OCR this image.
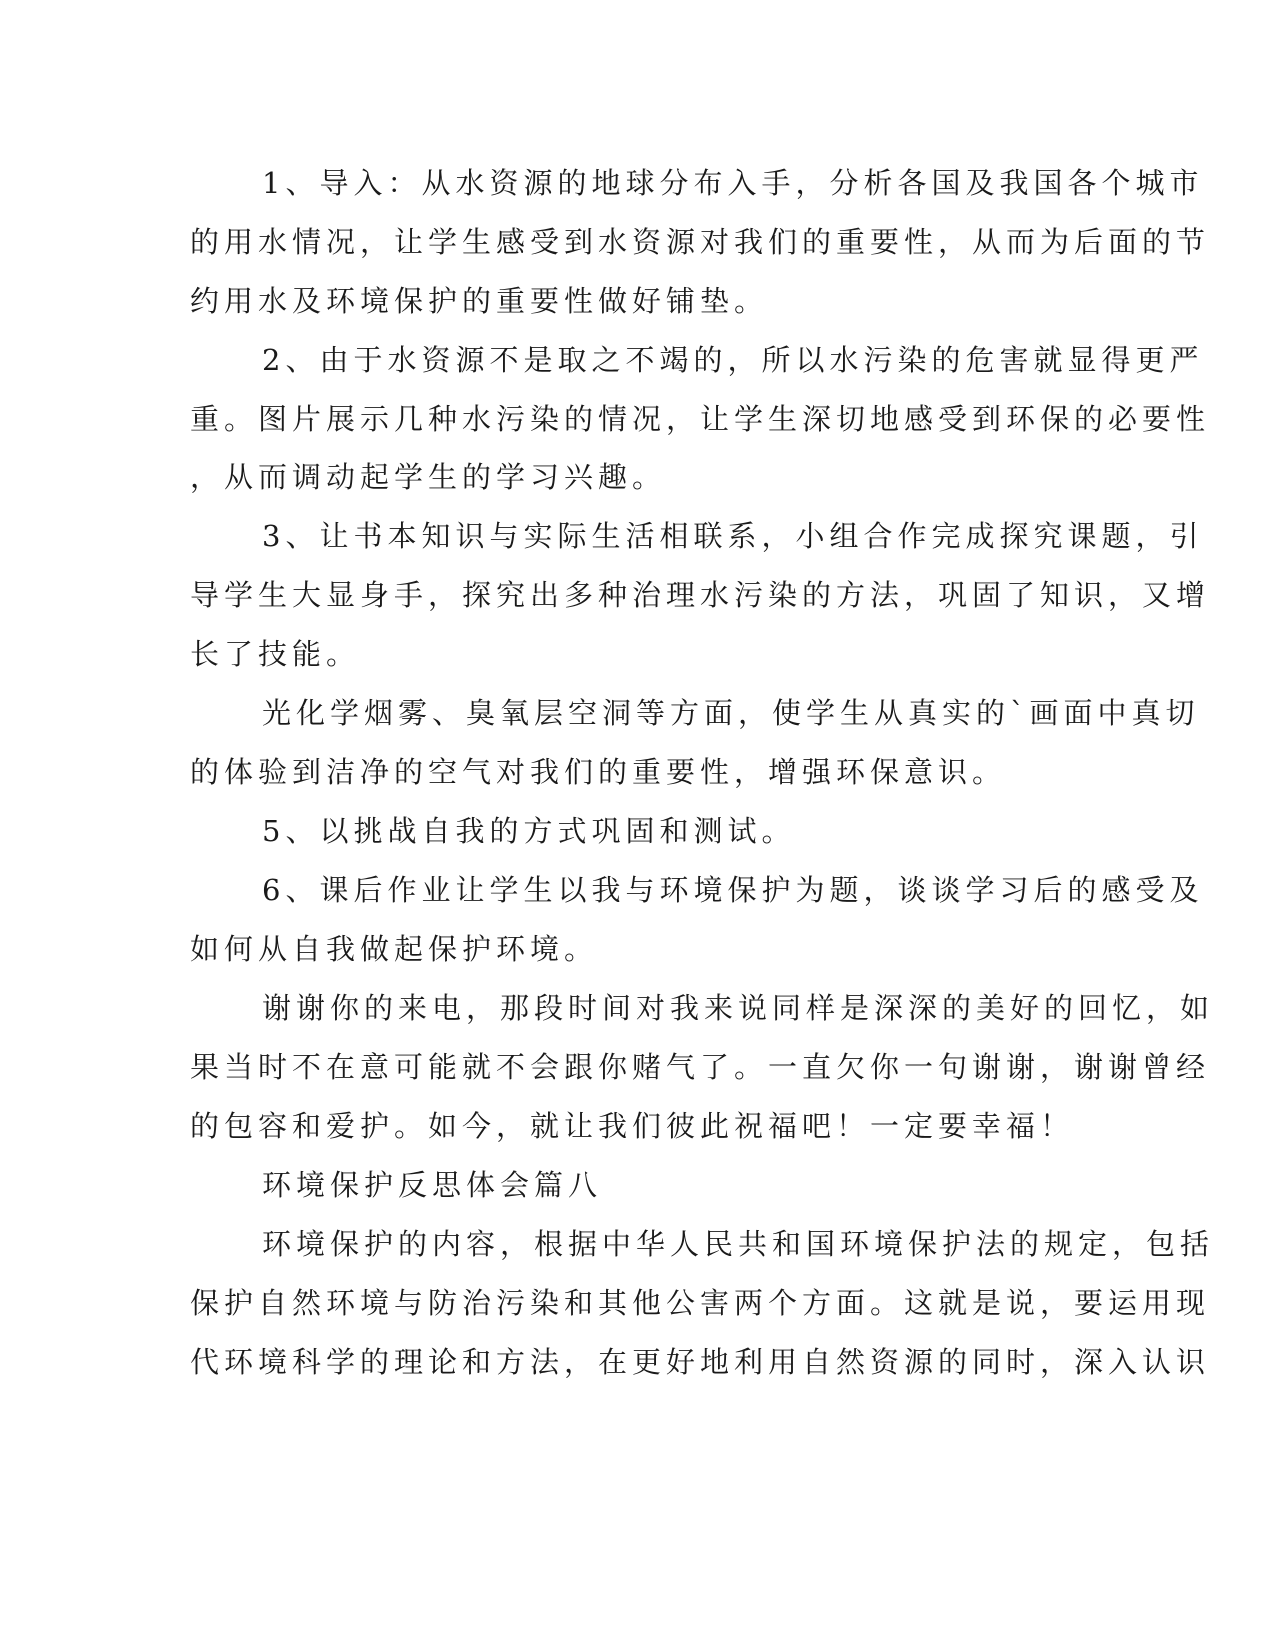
1、导入：从水资源的地球分布入手，分析各国及我国各个城市
的用水情况，让学生感受到水资源对我们的重要性，从而为后面的节
约用水及环境保护的重要性做好铺垫。
2、由于水资源不是取之不竭的，所以水污染的危害就显得更严
重。图片展示几种水污染的情况，让学生深切地感受到环保的必要性
，从而调动起学生的学习兴趣。
3、让书本知识与实际生活相联系，小组合作完成探究课题，引
导学生大显身手，探究出多种治理水污染的方法，巩固了知识，又增
长了技能。
光化学烟雾、臭氧层空洞等方面，使学生从真实的`画面中真切
的体验到洁净的空气对我们的重要性，增强环保意识。
5、以挑战自我的方式巩固和测试。
6、课后作业让学生以我与环境保护为题，谈谈学习后的感受及
如何从自我做起保护环境。
谢谢你的来电，那段时间对我来说同样是深深的美好的回忆，如
果当时不在意可能就不会跟你赌气了。一直欠你一句谢谢，谢谢曾经
的包容和爱护。如今，就让我们彼此祝福吧！一定要幸福！
环境保护反思体会篇八
环境保护的内容，根据中华人民共和国环境保护法的规定，包括
保护自然环境与防治污染和其他公害两个方面。这就是说，要运用现
代环境科学的理论和方法，在更好地利用自然资源的同时，深入认识
